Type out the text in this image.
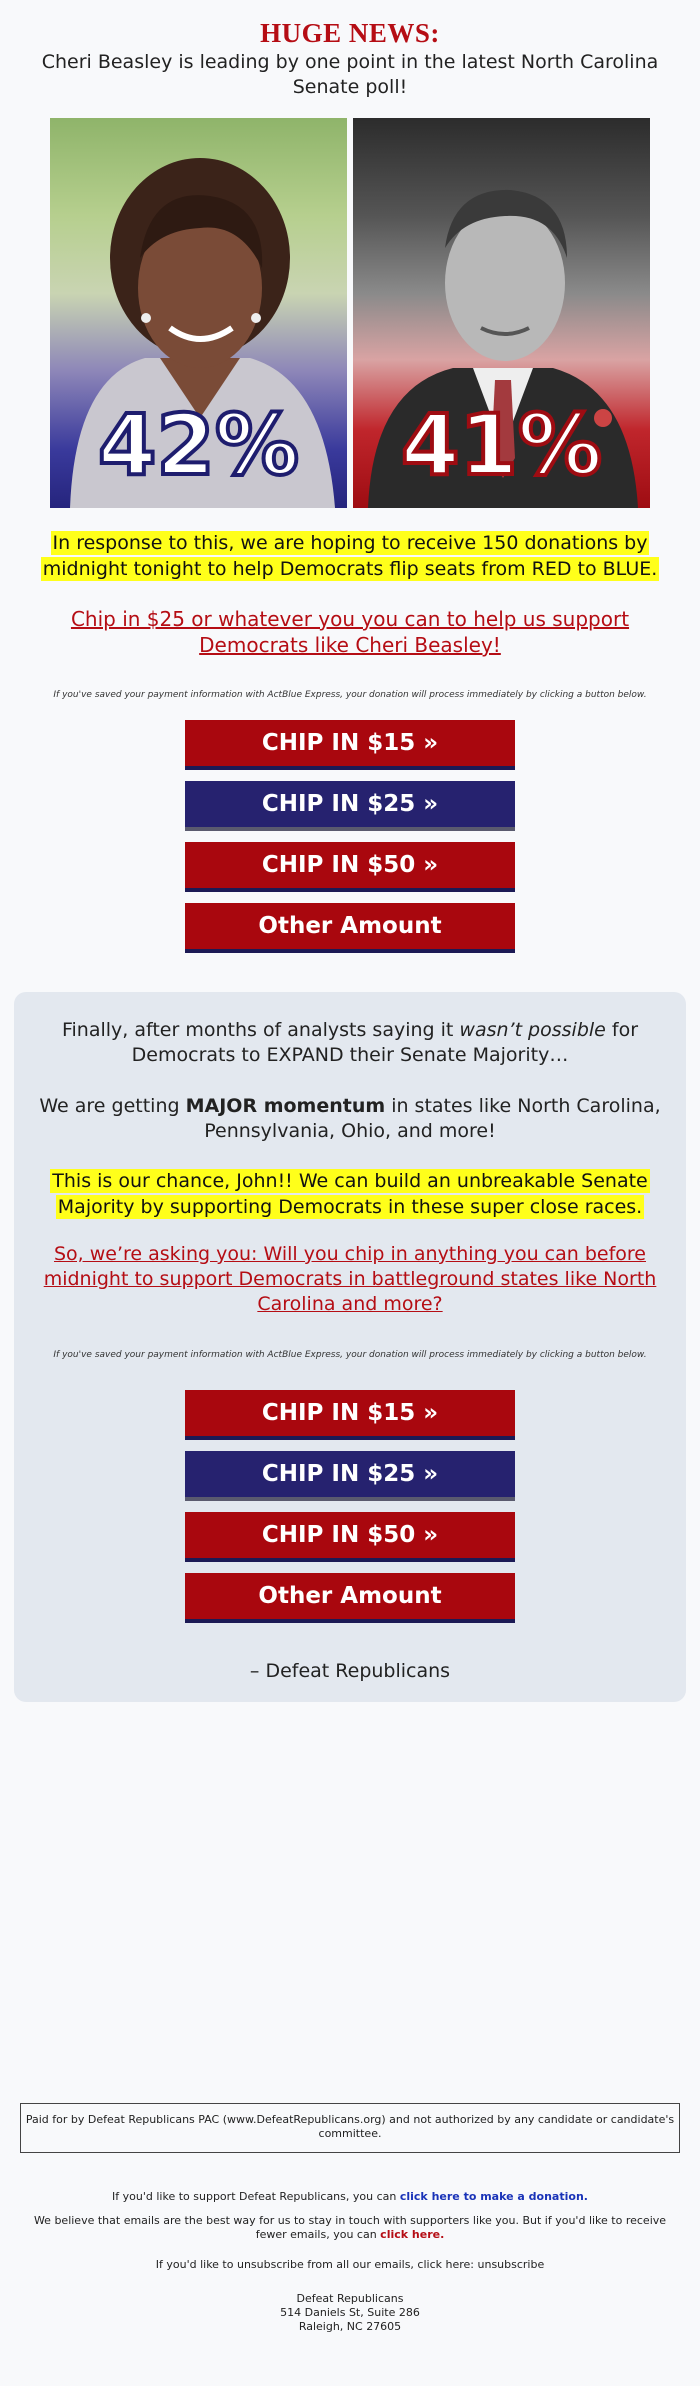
HUGE NEWS:
Cheri Beasley is leading by one point in the latest North Carolina Senate poll!
42%	41%
In response to this, we are hoping to receive 150 donations by midnight tonight to help Democrats flip seats from RED to BLUE.
Chip in $25 or whatever you you can to help us support Democrats like Cheri Beasley!
If you've saved your payment information with ActBlue Express, your donation will process immediately by clicking a button below.
CHIP IN $15 »
CHIP IN $25 »
CHIP IN $50 »
Other Amount
Finally, after months of analysts saying it wasn’t possible for Democrats to EXPAND their Senate Majority…
We are getting MAJOR momentum in states like North Carolina, Pennsylvania, Ohio, and more!
This is our chance, John!! We can build an unbreakable Senate Majority by supporting Democrats in these super close races.
So, we’re asking you: Will you chip in anything you can before midnight to support Democrats in battleground states like North Carolina and more?
If you've saved your payment information with ActBlue Express, your donation will process immediately by clicking a button below.
CHIP IN $15 »
CHIP IN $25 »
CHIP IN $50 »
Other Amount
– Defeat Republicans
Paid for by Defeat Republicans PAC (www.DefeatRepublicans.org) and not authorized by any candidate or candidate's committee.
If you'd like to support Defeat Republicans, you can click here to make a donation.
We believe that emails are the best way for us to stay in touch with supporters like you. But if you'd like to receive fewer emails, you can click here.
If you'd like to unsubscribe from all our emails, click here: unsubscribe
Defeat Republicans
514 Daniels St, Suite 286
Raleigh, NC 27605
